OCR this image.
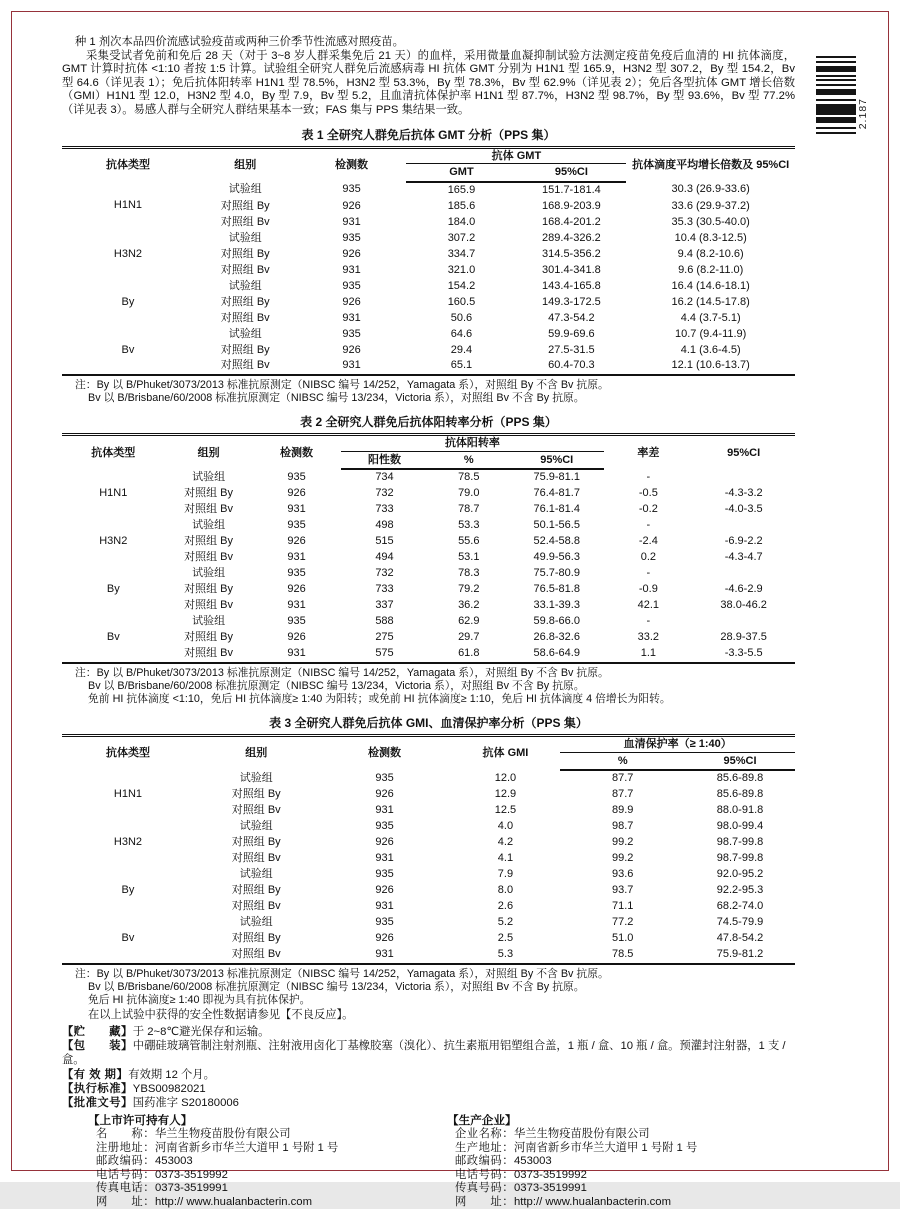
2.187

种 1 剂次本品四价流感试验疫苗或两种三价季节性流感对照疫苗。

采集受试者免前和免后 28 天（对于 3~8 岁人群采集免后 21 天）的血样，采用微量血凝抑制试验方法测定疫苗免疫后血清的 HI 抗体滴度，GMT 计算时抗体 <1:10 者按 1:5 计算。试验组全研究人群免后流感病毒 HI 抗体 GMT 分别为 H1N1 型 165.9，H3N2 型 307.2，By 型 154.2，Bv 型 64.6（详见表 1）；免后抗体阳转率 H1N1 型 78.5%，H3N2 型 53.3%，By 型 78.3%，Bv 型 62.9%（详见表 2）；免后各型抗体 GMT 增长倍数（GMI）H1N1 型 12.0，H3N2 型 4.0，By 型 7.9，Bv 型 5.2，且血清抗体保护率 H1N1 型 87.7%，H3N2 型 98.7%，By 型 93.6%，Bv 型 77.2%（详见表 3）。易感人群与全研究人群结果基本一致；FAS 集与 PPS 集结果一致。

表 1 全研究人群免后抗体 GMT 分析（PPS 集）
抗体类型	组别	检测数	抗体 GMT		抗体滴度平均增长倍数及 95%CI
			GMT	95%CI	
H1N1	试验组	935	165.9	151.7-181.4	30.3 (26.9-33.6)
	对照组 By	926	185.6	168.9-203.9	33.6 (29.9-37.2)
	对照组 Bv	931	184.0	168.4-201.2	35.3 (30.5-40.0)
H3N2	试验组	935	307.2	289.4-326.2	10.4 (8.3-12.5)
	对照组 By	926	334.7	314.5-356.2	9.4 (8.2-10.6)
	对照组 Bv	931	321.0	301.4-341.8	9.6 (8.2-11.0)
By	试验组	935	154.2	143.4-165.8	16.4 (14.6-18.1)
	对照组 By	926	160.5	149.3-172.5	16.2 (14.5-17.8)
	对照组 Bv	931	50.6	47.3-54.2	4.4 (3.7-5.1)
Bv	试验组	935	64.6	59.9-69.6	10.7 (9.4-11.9)
	对照组 By	926	29.4	27.5-31.5	4.1 (3.6-4.5)
	对照组 Bv	931	65.1	60.4-70.3	12.1 (10.6-13.7)
注：By 以 B/Phuket/3073/2013 标准抗原测定（NIBSC 编号 14/252，Yamagata 系），对照组 By 不含 Bv 抗原。
Bv 以 B/Brisbane/60/2008 标准抗原测定（NIBSC 编号 13/234，Victoria 系），对照组 Bv 不含 By 抗原。
表 2 全研究人群免后抗体阳转率分析（PPS 集）
抗体类型	组别	检测数	抗体阳转率			率差	95%CI
			阳性数	%	95%CI		
H1N1	试验组	935	734	78.5	75.9-81.1	-	
	对照组 By	926	732	79.0	76.4-81.7	-0.5	-4.3-3.2
	对照组 Bv	931	733	78.7	76.1-81.4	-0.2	-4.0-3.5
H3N2	试验组	935	498	53.3	50.1-56.5	-	
	对照组 By	926	515	55.6	52.4-58.8	-2.4	-6.9-2.2
	对照组 Bv	931	494	53.1	49.9-56.3	0.2	-4.3-4.7
By	试验组	935	732	78.3	75.7-80.9	-	
	对照组 By	926	733	79.2	76.5-81.8	-0.9	-4.6-2.9
	对照组 Bv	931	337	36.2	33.1-39.3	42.1	38.0-46.2
Bv	试验组	935	588	62.9	59.8-66.0	-	
	对照组 By	926	275	29.7	26.8-32.6	33.2	28.9-37.5
	对照组 Bv	931	575	61.8	58.6-64.9	1.1	-3.3-5.5
注：By 以 B/Phuket/3073/2013 标准抗原测定（NIBSC 编号 14/252，Yamagata 系），对照组 By 不含 Bv 抗原。
Bv 以 B/Brisbane/60/2008 标准抗原测定（NIBSC 编号 13/234，Victoria 系），对照组 Bv 不含 By 抗原。
免前 HI 抗体滴度 <1:10，免后 HI 抗体滴度≥ 1:40 为阳转；或免前 HI 抗体滴度≥ 1:10，免后 HI 抗体滴度 4 倍增长为阳转。
表 3 全研究人群免后抗体 GMI、血清保护率分析（PPS 集）
抗体类型	组别	检测数	抗体 GMI	血清保护率（≥ 1:40）	
				%	95%CI
H1N1	试验组	935	12.0	87.7	85.6-89.8
	对照组 By	926	12.9	87.7	85.6-89.8
	对照组 Bv	931	12.5	89.9	88.0-91.8
H3N2	试验组	935	4.0	98.7	98.0-99.4
	对照组 By	926	4.2	99.2	98.7-99.8
	对照组 Bv	931	4.1	99.2	98.7-99.8
By	试验组	935	7.9	93.6	92.0-95.2
	对照组 By	926	8.0	93.7	92.2-95.3
	对照组 Bv	931	2.6	71.1	68.2-74.0
Bv	试验组	935	5.2	77.2	74.5-79.9
	对照组 By	926	2.5	51.0	47.8-54.2
	对照组 Bv	931	5.3	78.5	75.9-81.2
注：By 以 B/Phuket/3073/2013 标准抗原测定（NIBSC 编号 14/252，Yamagata 系），对照组 By 不含 Bv 抗原。
Bv 以 B/Brisbane/60/2008 标准抗原测定（NIBSC 编号 13/234，Victoria 系），对照组 Bv 不含 By 抗原。
免后 HI 抗体滴度≥ 1:40 即视为具有抗体保护。

在以上试验中获得的安全性数据请参见【不良反应】。

【贮　　藏】于 2~8℃避光保存和运输。
【包　　装】中硼硅玻璃管制注射剂瓶、注射液用卤化丁基橡胶塞（溴化）、抗生素瓶用铝塑组合盖，1 瓶 / 盒、10 瓶 / 盒。预灌封注射器，1 支 / 盒。
【有 效 期】有效期 12 个月。
【执行标准】YBS00982021
【批准文号】国药准字 S20180006
【上市许可持有人】
名　　称：华兰生物疫苗股份有限公司
注册地址：河南省新乡市华兰大道甲 1 号附 1 号
邮政编码：453003
电话号码：0373-3519992
传真电话：0373-3519991
网　　址：http:// www.hualanbacterin.com
【生产企业】
企业名称：华兰生物疫苗股份有限公司
生产地址：河南省新乡市华兰大道甲 1 号附 1 号
邮政编码：453003
电话号码：0373-3519992
传真号码：0373-3519991
网　　址：http:// www.hualanbacterin.com
